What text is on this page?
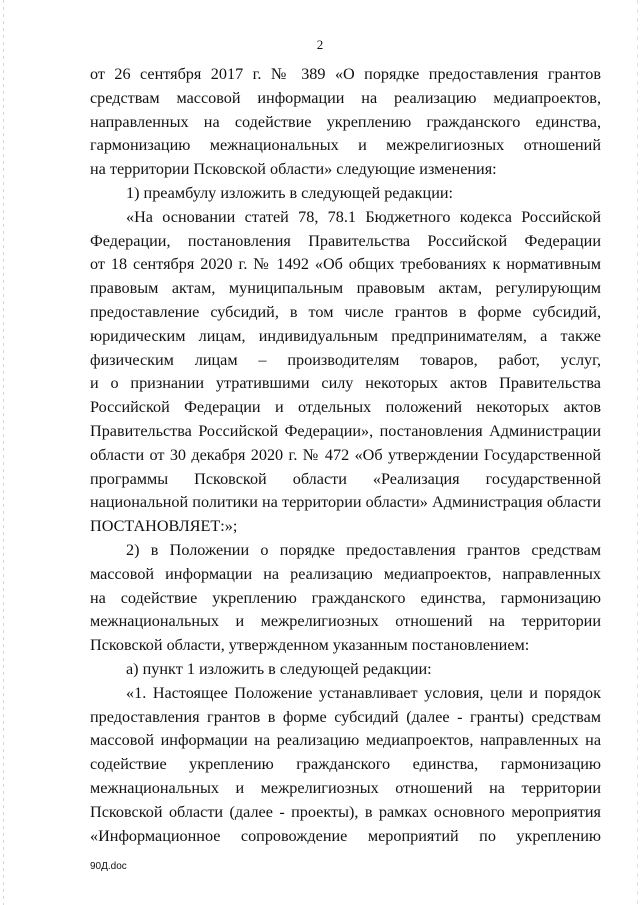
2
от 26 сентября 2017 г. № 389 «О порядке предоставления грантов
средствам массовой информации на реализацию медиапроектов,
направленных на содействие укреплению гражданского единства,
гармонизацию межнациональных и межрелигиозных отношений
на территории Псковской области» следующие изменения:
1) преамбулу изложить в следующей редакции:
«На основании статей 78, 78.1 Бюджетного кодекса Российской
Федерации, постановления Правительства Российской Федерации
от 18 сентября 2020 г. № 1492 «Об общих требованиях к нормативным
правовым актам, муниципальным правовым актам, регулирующим
предоставление субсидий, в том числе грантов в форме субсидий,
юридическим лицам, индивидуальным предпринимателям, а также
физическим лицам – производителям товаров, работ, услуг,
и о признании утратившими силу некоторых актов Правительства
Российской Федерации и отдельных положений некоторых актов
Правительства Российской Федерации», постановления Администрации
области от 30 декабря 2020 г. № 472 «Об утверждении Государственной
программы Псковской области «Реализация государственной
национальной политики на территории области» Администрация области
ПОСТАНОВЛЯЕТ:»;
2) в Положении о порядке предоставления грантов средствам
массовой информации на реализацию медиапроектов, направленных
на содействие укреплению гражданского единства, гармонизацию
межнациональных и межрелигиозных отношений на территории
Псковской области, утвержденном указанным постановлением:
а) пункт 1 изложить в следующей редакции:
«1. Настоящее Положение устанавливает условия, цели и порядок
предоставления грантов в форме субсидий (далее - гранты) средствам
массовой информации на реализацию медиапроектов, направленных на
содействие укреплению гражданского единства, гармонизацию
межнациональных и межрелигиозных отношений на территории
Псковской области (далее - проекты), в рамках основного мероприятия
«Информационное сопровождение мероприятий по укреплению
90Д.doc
